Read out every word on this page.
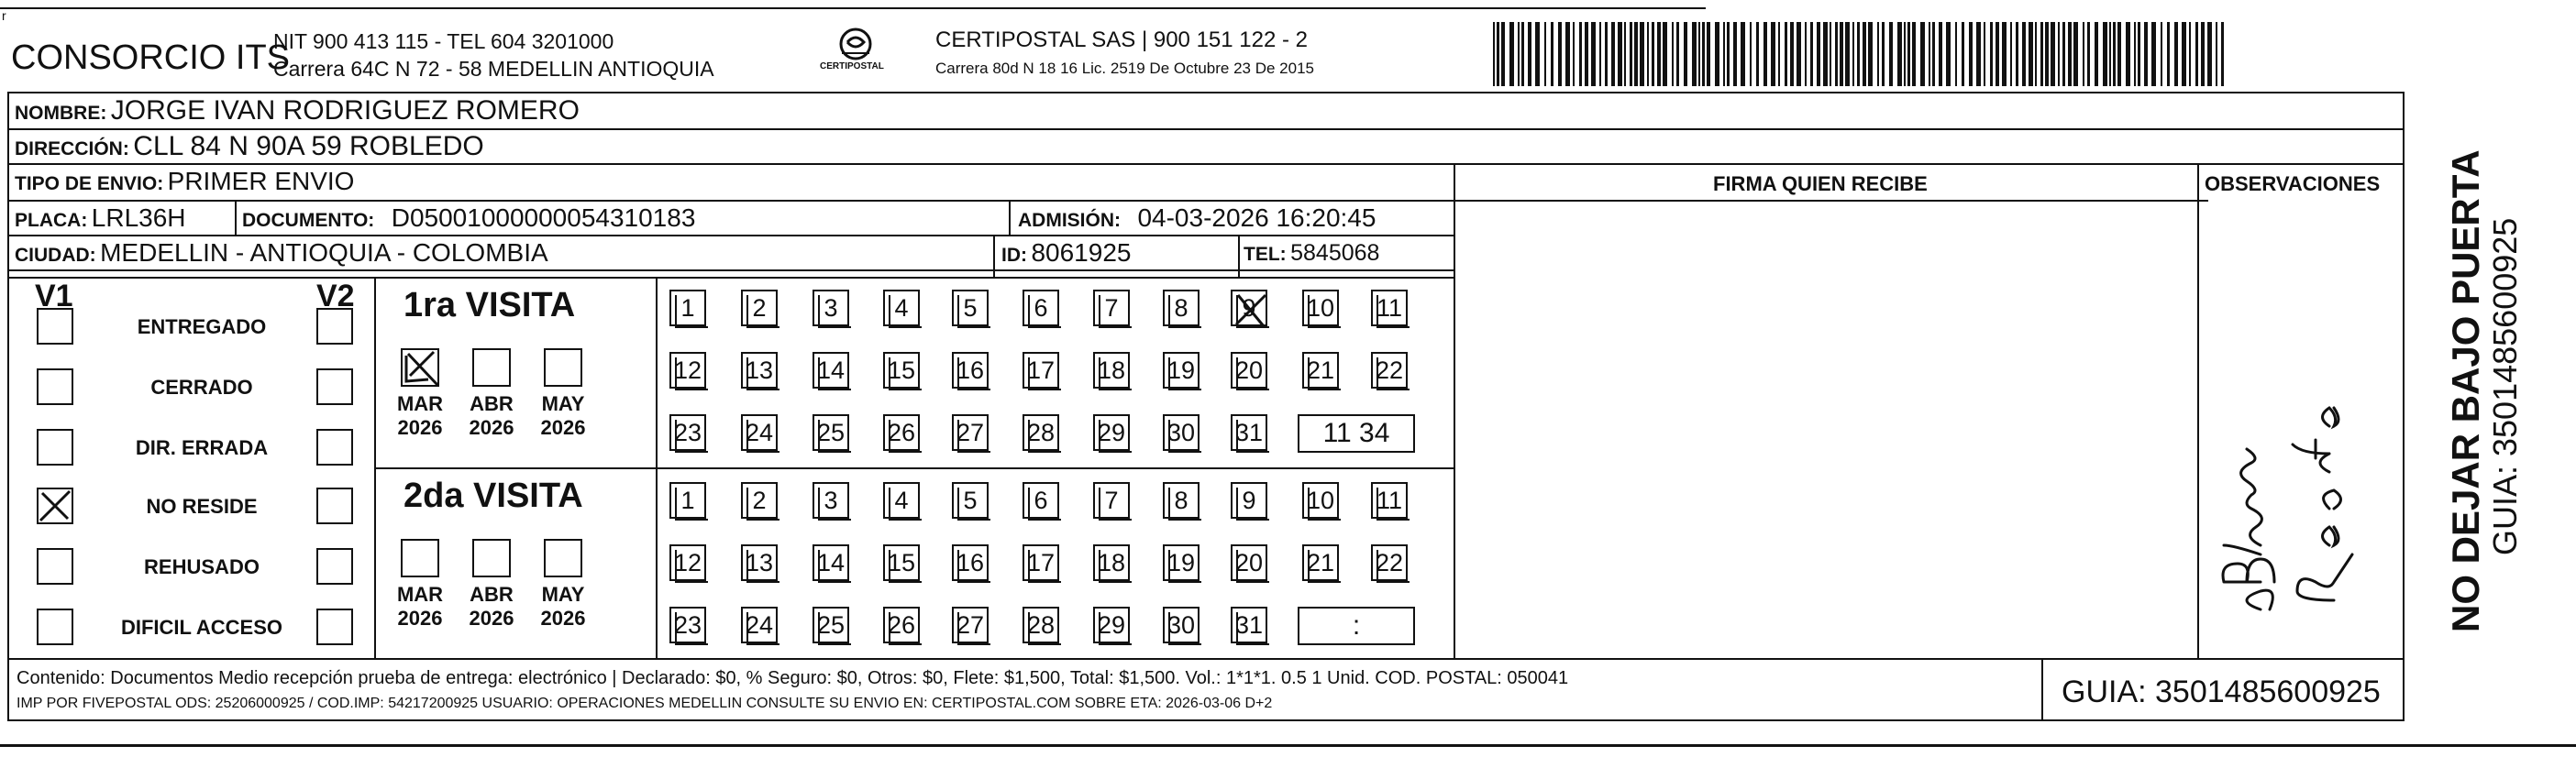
r
CONSORCIO ITS
NIT 900 413 115 - TEL 604 3201000
Carrera 64C N 72 - 58 MEDELLIN ANTIOQUIA	CERTIPOSTAL
CERTIPOSTAL SAS | 900 151 122 - 2
Carrera 80d N 18 16 Lic. 2519 De Octubre 23 De 2015
FIRMA QUIEN RECIBE	OBSERVACIONES
NOMBRE: JORGE IVAN RODRIGUEZ ROMERO
DIRECCIÓN: CLL 84 N 90A 59 ROBLEDO
TIPO DE ENVIO: PRIMER ENVIO
PLACA: LRL36H	DOCUMENTO: D05001000000054310183	ADMISIÓN: 04-03-2026 16:20:45
CIUDAD: MEDELLIN - ANTIOQUIA - COLOMBIA	ID: 8061925	TEL: 5845068
V1	V2 1ra VISITA
2da VISITA
Contenido: Documentos Medio recepción prueba de entrega: electrónico | Declarado: $0, % Seguro: $0, Otros: $0, Flete: $1,500, Total: $1,500. Vol.: 1*1*1. 0.5 1 Unid. COD. POSTAL: 050041
IMP POR FIVEPOSTAL ODS: 25206000925 / COD.IMP: 54217200925 USUARIO: OPERACIONES MEDELLIN CONSULTE SU ENVIO EN: CERTIPOSTAL.COM SOBRE ETA: 2026-03-06 D+2	GUIA: 3501485600925
NO DEJAR BAJO PUERTA GUIA: 3501485600925
ENTREGADO
CERRADO
DIR. ERRADA
NO RESIDE
REHUSADO
DIFICIL ACCESO
MAR
2026
ABR
2026
MAY
2026
MAR
2026
ABR
2026
MAY
2026
1	2	3	4	5	6	7	8	9	10 11
12 13 14 15 16 17 18 19 20 21 22
23 24 25 26 27 28 29 30 31	11 34
1	2	3	4	5	6	7	8	9	10 11
12 13 14 15 16 17 18 19 20 21 22
23 24 25 26 27 28 29 30 31	:
